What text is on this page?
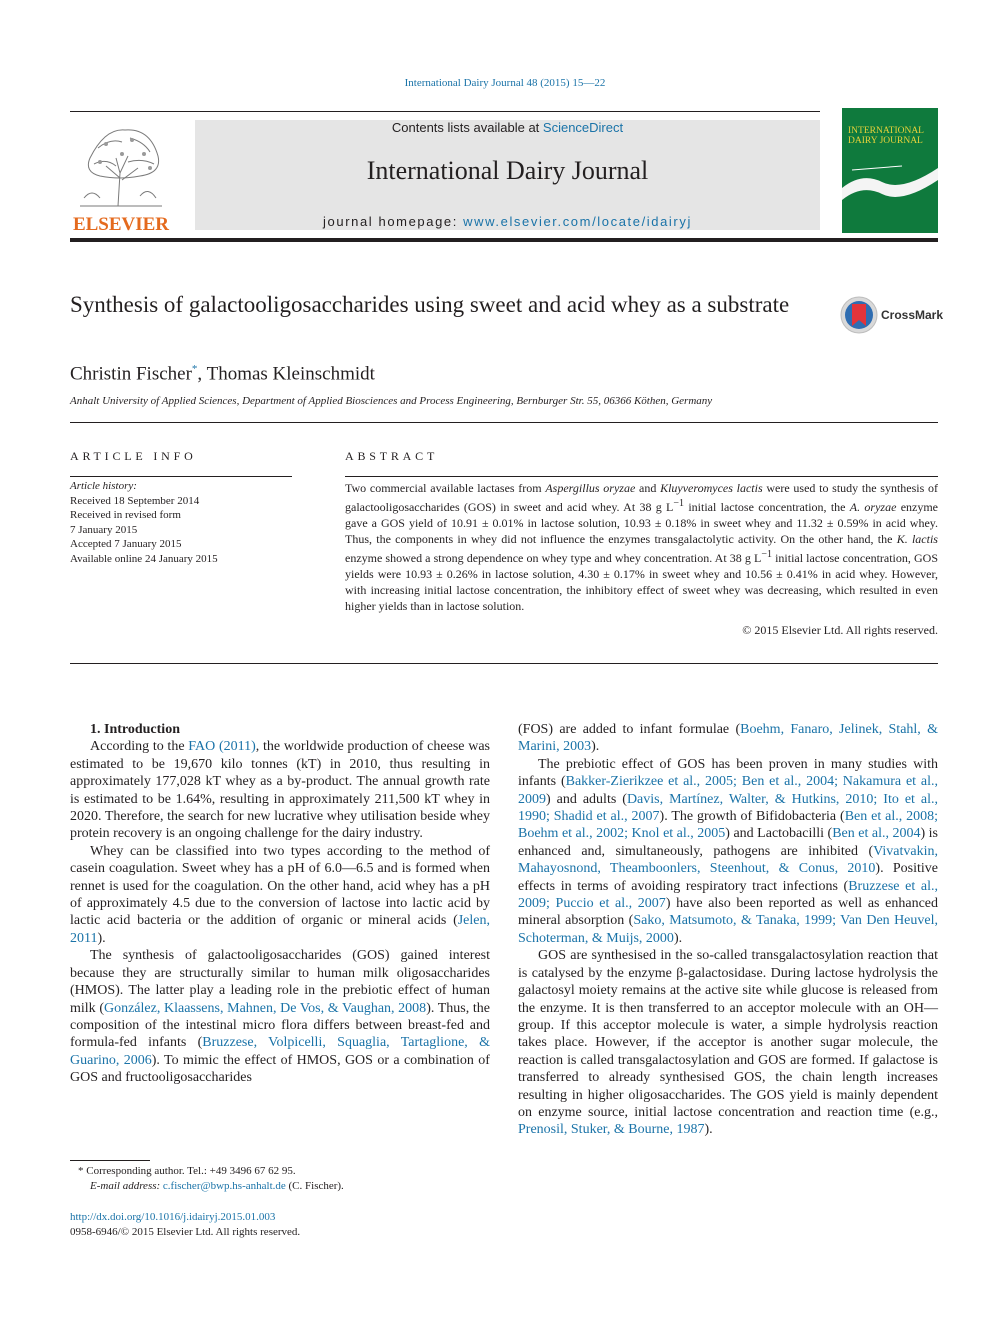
International Dairy Journal 48 (2015) 15—22
ELSEVIER
Contents lists available at ScienceDirect
International Dairy Journal
journal homepage: www.elsevier.com/locate/idairyj
INTERNATIONAL DAIRY JOURNAL
Synthesis of galactooligosaccharides using sweet and acid whey as a substrate	CrossMark
Christin Fischer*, Thomas Kleinschmidt
Anhalt University of Applied Sciences, Department of Applied Biosciences and Process Engineering, Bernburger Str. 55, 06366 Köthen, Germany
ARTICLE INFO
Article history:
Received 18 September 2014
Received in revised form
7 January 2015
Accepted 7 January 2015
Available online 24 January 2015
ABSTRACT
Two commercial available lactases from Aspergillus oryzae and Kluyveromyces lactis were used to study the synthesis of galactooligosaccharides (GOS) in sweet and acid whey. At 38 g $L^{-1}$ initial lactose concentration, the A. oryzae enzyme gave a GOS yield of 10.91 ± 0.01% in lactose solution, 10.93 ± 0.18% in sweet whey and 11.32 ± 0.59% in acid whey. Thus, the components in whey did not influence the enzymes transgalactolytic activity. On the other hand, the K. lactis enzyme showed a strong dependence on whey type and whey concentration. At 38 g $L^{-1}$ initial lactose concentration, GOS yields were 10.93 ± 0.26% in lactose solution, 4.30 ± 0.17% in sweet whey and 10.56 ± 0.41% in acid whey. However, with increasing initial lactose concentration, the inhibitory effect of sweet whey was decreasing, which resulted in even higher yields than in lactose solution.
© 2015 Elsevier Ltd. All rights reserved.

1. Introduction

According to the FAO (2011), the worldwide production of cheese was estimated to be 19,670 kilo tonnes (kT) in 2010, thus resulting in approximately 177,028 kT whey as a by-product. The annual growth rate is estimated to be 1.64%, resulting in approximately 211,500 kT whey in 2020. Therefore, the search for new lucrative whey utilisation beside whey protein recovery is an ongoing challenge for the dairy industry.

Whey can be classified into two types according to the method of casein coagulation. Sweet whey has a pH of 6.0—6.5 and is formed when rennet is used for the coagulation. On the other hand, acid whey has a pH of approximately 4.5 due to the conversion of lactose into lactic acid by lactic acid bacteria or the addition of organic or mineral acids (Jelen, 2011).

The synthesis of galactooligosaccharides (GOS) gained interest because they are structurally similar to human milk oligosaccharides (HMOS). The latter play a leading role in the prebiotic effect of human milk (González, Klaassens, Mahnen, De Vos, & Vaughan, 2008). Thus, the composition of the intestinal micro flora differs between breast-fed and formula-fed infants (Bruzzese, Volpicelli, Squaglia, Tartaglione, & Guarino, 2006). To mimic the effect of HMOS, GOS or a combination of GOS and fructooligosaccharides

(FOS) are added to infant formulae (Boehm, Fanaro, Jelinek, Stahl, & Marini, 2003).

The prebiotic effect of GOS has been proven in many studies with infants (Bakker-Zierikzee et al., 2005; Ben et al., 2004; Nakamura et al., 2009) and adults (Davis, Martínez, Walter, & Hutkins, 2010; Ito et al., 1990; Shadid et al., 2007). The growth of Bifidobacteria (Ben et al., 2008; Boehm et al., 2002; Knol et al., 2005) and Lactobacilli (Ben et al., 2004) is enhanced and, simultaneously, pathogens are inhibited (Vivatvakin, Mahayosnond, Theamboonlers, Steenhout, & Conus, 2010). Positive effects in terms of avoiding respiratory tract infections (Bruzzese et al., 2009; Puccio et al., 2007) have also been reported as well as enhanced mineral absorption (Sako, Matsumoto, & Tanaka, 1999; Van Den Heuvel, Schoterman, & Muijs, 2000).

GOS are synthesised in the so-called transgalactosylation reaction that is catalysed by the enzyme β-galactosidase. During lactose hydrolysis the galactosyl moiety remains at the active site while glucose is released from the enzyme. It is then transferred to an acceptor molecule with an OH— group. If this acceptor molecule is water, a simple hydrolysis reaction takes place. However, if the acceptor is another sugar molecule, the reaction is called transgalactosylation and GOS are formed. If galactose is transferred to already synthesised GOS, the chain length increases resulting in higher oligosaccharides. The GOS yield is mainly dependent on enzyme source, initial lactose concentration and reaction time (e.g., Prenosil, Stuker, & Bourne, 1987).

* Corresponding author. Tel.: +49 3496 67 62 95.
E-mail address: c.fischer@bwp.hs-anhalt.de (C. Fischer).
http://dx.doi.org/10.1016/j.idairyj.2015.01.003
0958-6946/© 2015 Elsevier Ltd. All rights reserved.
